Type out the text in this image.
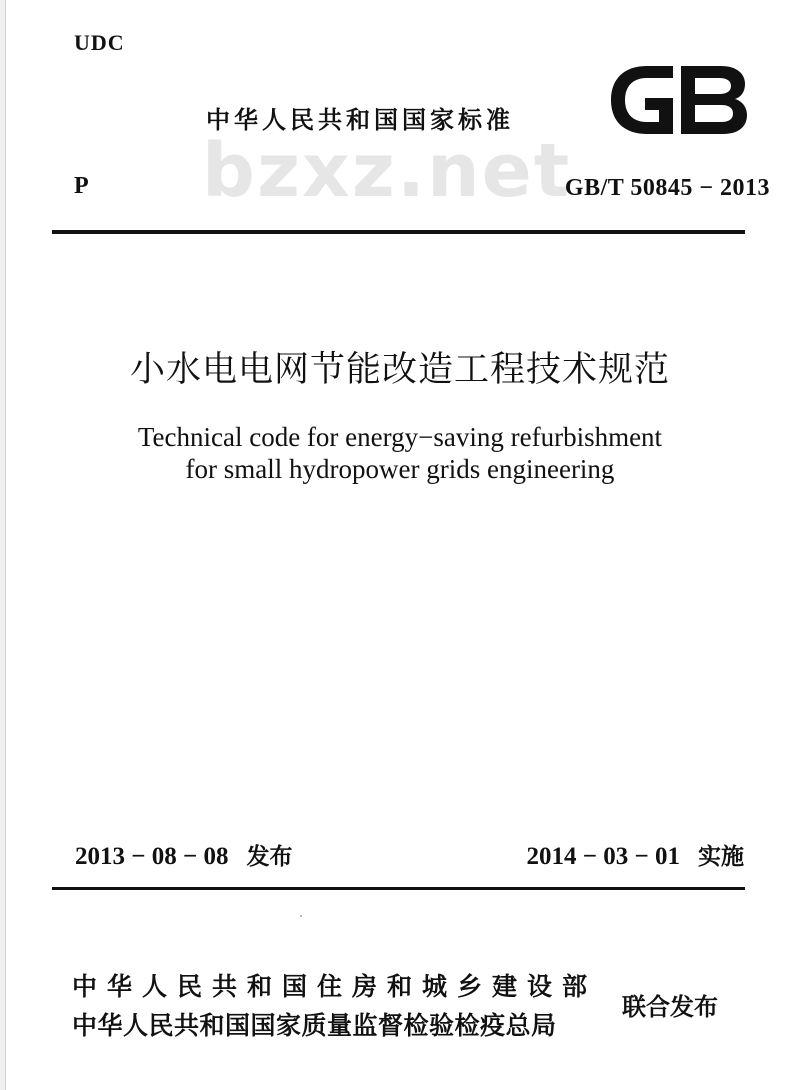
UDC
中华人民共和国国家标准
GB
bzxz.net
P	GB/T 50845 − 2013
小水电电网节能改造工程技术规范
Technical code for energy−saving refurbishment
for small hydropower grids engineering
2013 − 08 − 08 发布	2014 − 03 − 01 实施
中华人民共和国住房和城乡建设部
中华人民共和国国家质量监督检验检疫总局
联合发布
